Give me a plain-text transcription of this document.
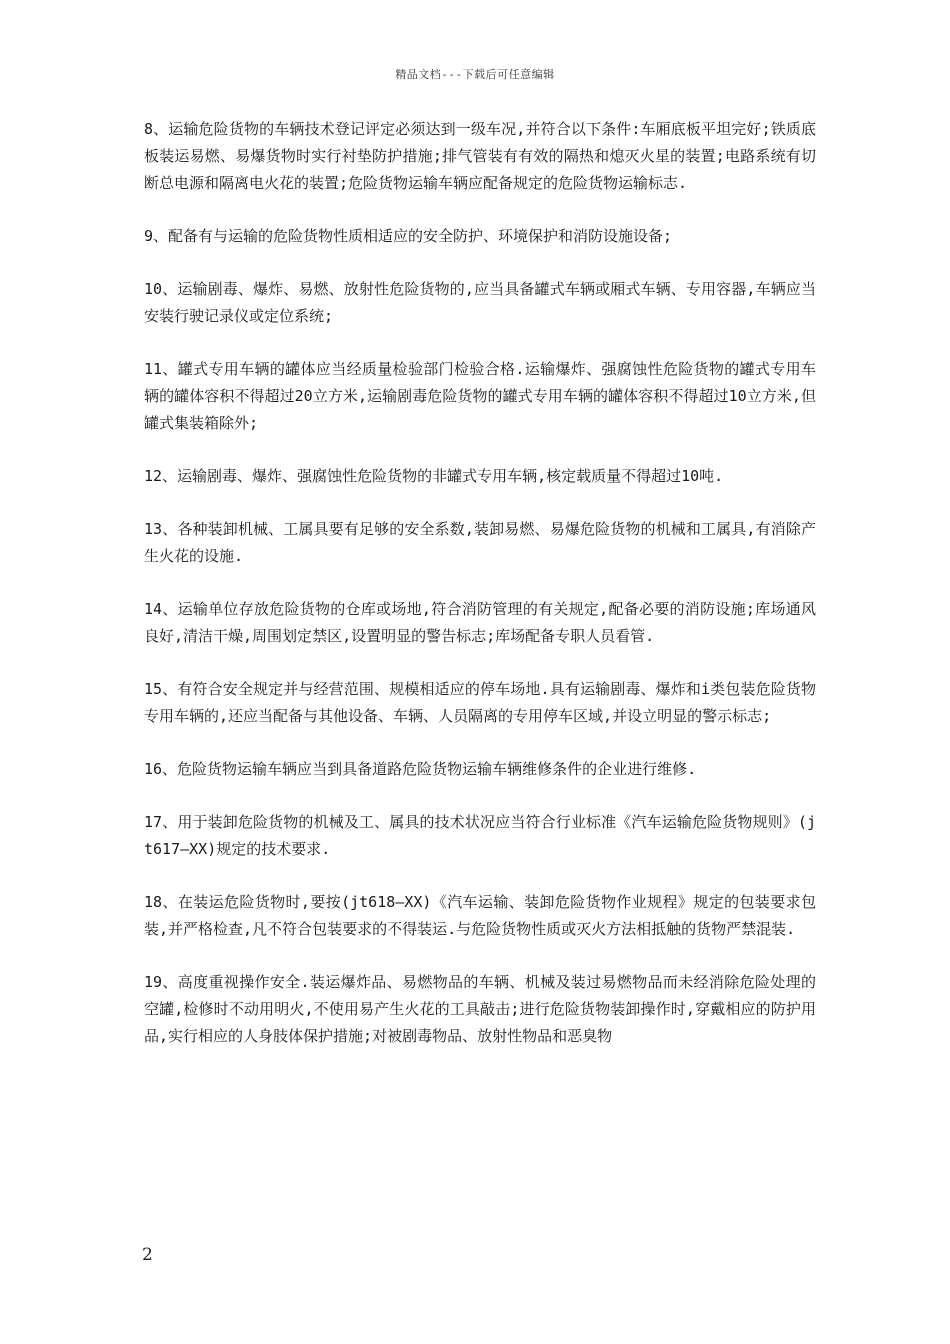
精品文档---下载后可任意编辑

8、运输危险货物的车辆技术登记评定必须达到一级车况,并符合以下条件:车厢底板平坦完好;铁质底板装运易燃、易爆货物时实行衬垫防护措施;排气管装有有效的隔热和熄灭火星的装置;电路系统有切断总电源和隔离电火花的装置;危险货物运输车辆应配备规定的危险货物运输标志.

9、配备有与运输的危险货物性质相适应的安全防护、环境保护和消防设施设备;

10、运输剧毒、爆炸、易燃、放射性危险货物的,应当具备罐式车辆或厢式车辆、专用容器,车辆应当安装行驶记录仪或定位系统;

11、罐式专用车辆的罐体应当经质量检验部门检验合格.运输爆炸、强腐蚀性危险货物的罐式专用车辆的罐体容积不得超过20立方米,运输剧毒危险货物的罐式专用车辆的罐体容积不得超过10立方米,但罐式集装箱除外;

12、运输剧毒、爆炸、强腐蚀性危险货物的非罐式专用车辆,核定载质量不得超过10吨.

13、各种装卸机械、工属具要有足够的安全系数,装卸易燃、易爆危险货物的机械和工属具,有消除产生火花的设施.

14、运输单位存放危险货物的仓库或场地,符合消防管理的有关规定,配备必要的消防设施;库场通风良好,清洁干燥,周围划定禁区,设置明显的警告标志;库场配备专职人员看管.

15、有符合安全规定并与经营范围、规模相适应的停车场地.具有运输剧毒、爆炸和i类包装危险货物专用车辆的,还应当配备与其他设备、车辆、人员隔离的专用停车区域,并设立明显的警示标志;

16、危险货物运输车辆应当到具备道路危险货物运输车辆维修条件的企业进行维修.

17、用于装卸危险货物的机械及工、属具的技术状况应当符合行业标准《汽车运输危险货物规则》(jt617—XX)规定的技术要求.

18、在装运危险货物时,要按(jt618—XX)《汽车运输、装卸危险货物作业规程》规定的包装要求包装,并严格检查,凡不符合包装要求的不得装运.与危险货物性质或灭火方法相抵触的货物严禁混装.

19、高度重视操作安全.装运爆炸品、易燃物品的车辆、机械及装过易燃物品而未经消除危险处理的空罐,检修时不动用明火,不使用易产生火花的工具敲击;进行危险货物装卸操作时,穿戴相应的防护用品,实行相应的人身肢体保护措施;对被剧毒物品、放射性物品和恶臭物

2
